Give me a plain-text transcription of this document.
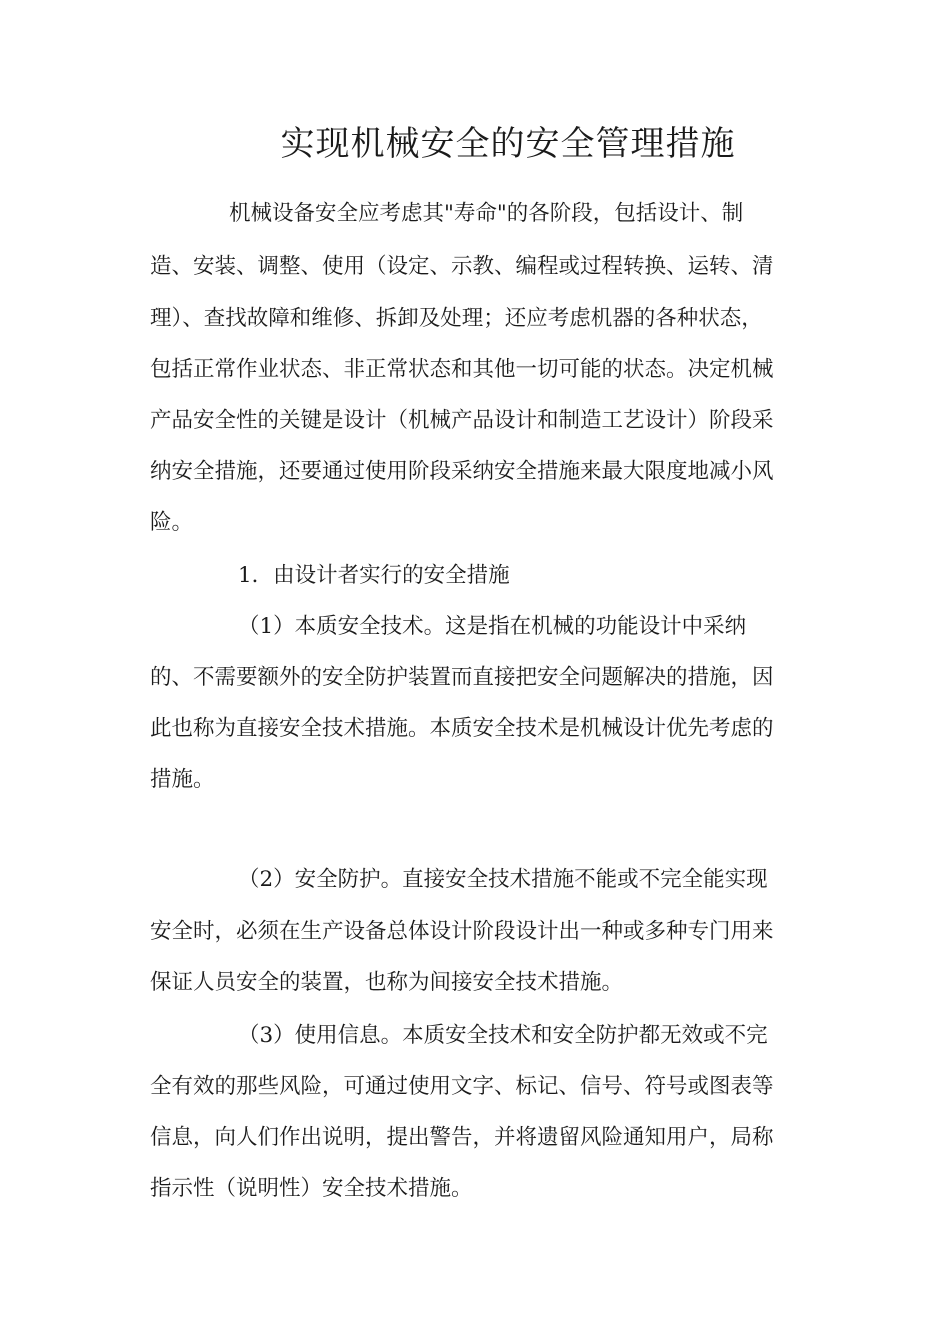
实现机械安全的安全管理措施
机械设备安全应考虑其"寿命"的各阶段，包括设计、制
造、安装、调整、使用（设定、示教、编程或过程转换、运转、清
理）、查找故障和维修、拆卸及处理；还应考虑机器的各种状态，
包括正常作业状态、非正常状态和其他一切可能的状态。决定机械
产品安全性的关键是设计（机械产品设计和制造工艺设计）阶段采
纳安全措施，还要通过使用阶段采纳安全措施来最大限度地减小风
险。
1．由设计者实行的安全措施
（1）本质安全技术。这是指在机械的功能设计中采纳
的、不需要额外的安全防护装置而直接把安全问题解决的措施，因
此也称为直接安全技术措施。本质安全技术是机械设计优先考虑的
措施。
（2）安全防护。直接安全技术措施不能或不完全能实现
安全时，必须在生产设备总体设计阶段设计出一种或多种专门用来
保证人员安全的装置，也称为间接安全技术措施。
（3）使用信息。本质安全技术和安全防护都无效或不完
全有效的那些风险，可通过使用文字、标记、信号、符号或图表等
信息，向人们作出说明，提出警告，并将遗留风险通知用户，局称
指示性（说明性）安全技术措施。
